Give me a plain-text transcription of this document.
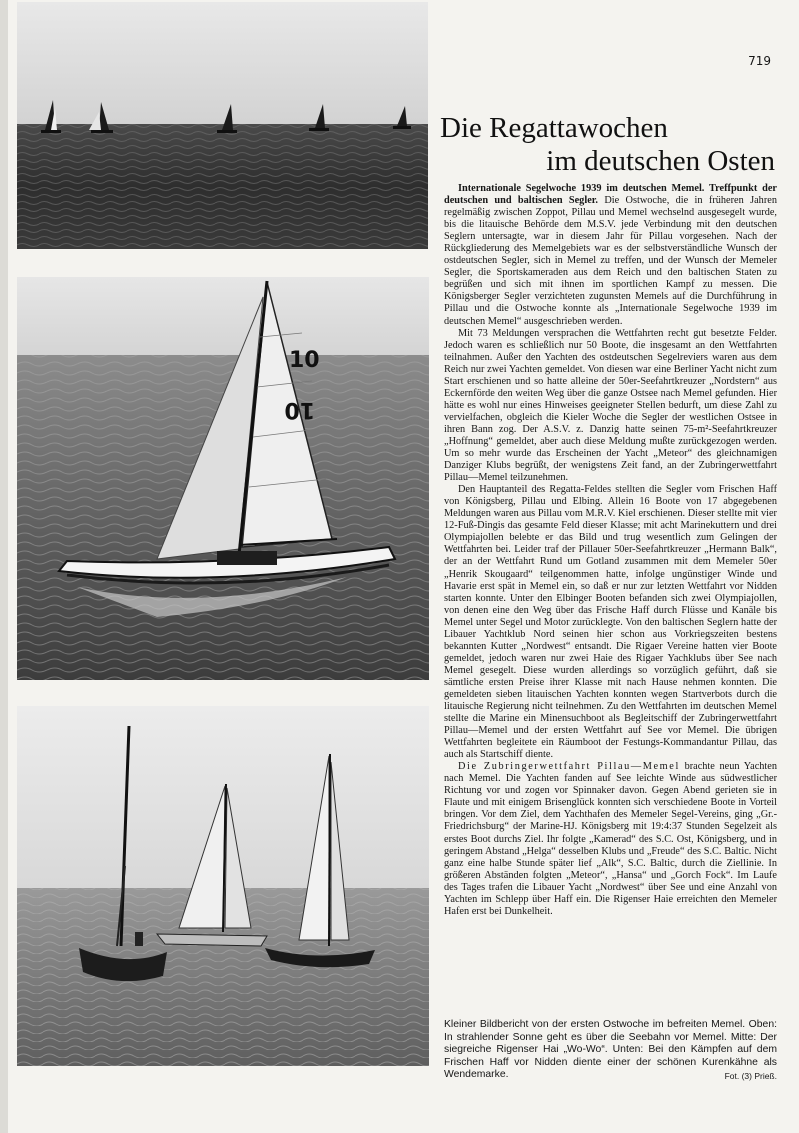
10
10
719
Die Regattawochen
im deutschen Osten

Internationale Segelwoche 1939 im deutschen Memel. Treffpunkt der deutschen und baltischen Segler. Die Ostwoche, die in früheren Jahren regelmäßig zwischen Zoppot, Pillau und Memel wechselnd ausgesegelt wurde, bis die litauische Behörde dem M.S.V. jede Verbindung mit den deutschen Seglern untersagte, war in diesem Jahr für Pillau vorgesehen. Nach der Rückgliederung des Memelgebiets war es der selbstverständliche Wunsch der ostdeutschen Segler, sich in Memel zu treffen, und der Wunsch der Memeler Segler, die Sportskameraden aus dem Reich und den baltischen Staten zu begrüßen und sich mit ihnen im sportlichen Kampf zu messen. Die Königsberger Segler verzichteten zugunsten Memels auf die Durchführung in Pillau und die Ostwoche konnte als „Internationale Segelwoche 1939 im deutschen Memel“ ausgeschrieben werden.

Mit 73 Meldungen versprachen die Wettfahrten recht gut besetzte Felder. Jedoch waren es schließlich nur 50 Boote, die insgesamt an den Wettfahrten teilnahmen. Außer den Yachten des ostdeutschen Segelreviers waren aus dem Reich nur zwei Yachten gemeldet. Von diesen war eine Berliner Yacht nicht zum Start erschienen und so hatte alleine der 50er-Seefahrtkreuzer „Nordstern“ aus Eckernförde den weiten Weg über die ganze Ostsee nach Memel gefunden. Hier hätte es wohl nur eines Hinweises geeigneter Stellen bedurft, um diese Zahl zu vervielfachen, obgleich die Kieler Woche die Segler der westlichen Ostsee in ihren Bann zog. Der A.S.V. z. Danzig hatte seinen 75-m²-Seefahrtkreuzer „Hoffnung“ gemeldet, aber auch diese Meldung mußte zurückgezogen werden. Um so mehr wurde das Erscheinen der Yacht „Meteor“ des gleichnamigen Danziger Klubs begrüßt, der wenigstens Zeit fand, an der Zubringerwettfahrt Pillau—Memel teilzunehmen.

Den Hauptanteil des Regatta-Feldes stellten die Segler vom Frischen Haff von Königsberg, Pillau und Elbing. Allein 16 Boote von 17 abgegebenen Meldungen waren aus Pillau vom M.R.V. Kiel erschienen. Dieser stellte mit vier 12-Fuß-Dingis das gesamte Feld dieser Klasse; mit acht Marinekuttern und drei Olympiajollen belebte er das Bild und trug wesentlich zum Gelingen der Wettfahrten bei. Leider traf der Pillauer 50er-Seefahrtkreuzer „Hermann Balk“, der an der Wettfahrt Rund um Gotland zusammen mit dem Memeler 50er „Henrik Skougaard“ teilgenommen hatte, infolge ungünstiger Winde und Havarie erst spät in Memel ein, so daß er nur zur letzten Wettfahrt vor Nidden starten konnte. Unter den Elbinger Booten befanden sich zwei Olympiajollen, von denen eine den Weg über das Frische Haff durch Flüsse und Kanäle bis Memel unter Segel und Motor zurücklegte. Von den baltischen Seglern hatte der Libauer Yachtklub Nord seinen hier schon aus Vorkriegszeiten bestens bekannten Kutter „Nordwest“ entsandt. Die Rigaer Vereine hatten vier Boote gemeldet, jedoch waren nur zwei Haie des Rigaer Yachklubs über See nach Memel gesegelt. Diese wurden allerdings so vorzüglich geführt, daß sie sämtliche ersten Preise ihrer Klasse mit nach Hause nehmen konnten. Die gemeldeten sieben litauischen Yachten konnten wegen Startverbots durch die litauische Regierung nicht teilnehmen. Zu den Wettfahrten im deutschen Memel stellte die Marine ein Minensuchboot als Begleitschiff der Zubringerwettfahrt Pillau—Memel und der ersten Wettfahrt auf See vor Memel. Die übrigen Wettfahrten begleitete ein Räumboot der Festungs-Kommandantur Pillau, das auch als Startschiff diente.

Die Zubringerwettfahrt Pillau—Memel brachte neun Yachten nach Memel. Die Yachten fanden auf See leichte Winde aus südwestlicher Richtung vor und zogen vor Spinnaker davon. Gegen Abend gerieten sie in Flaute und mit einigem Brisenglück konnten sich verschiedene Boote in Vorteil bringen. Vor dem Ziel, dem Yachthafen des Memeler Segel-Vereins, ging „Gr.-Friedrichsburg“ der Marine-HJ. Königsberg mit 19:4:37 Stunden Segelzeit als erstes Boot durchs Ziel. Ihr folgte „Kamerad“ des S.C. Ost, Königsberg, und in geringem Abstand „Helga“ desselben Klubs und „Freude“ des S.C. Baltic. Nicht ganz eine halbe Stunde später lief „Alk“, S.C. Baltic, durch die Ziellinie. In größeren Abständen folgten „Meteor“, „Hansa“ und „Gorch Fock“. Im Laufe des Tages trafen die Libauer Yacht „Nordwest“ über See und eine Anzahl von Yachten im Schlepp über Haff ein. Die Rigenser Haie erreichten den Memeler Hafen erst bei Dunkelheit.

Kleiner Bildbericht von der ersten Ostwoche im befreiten Memel. Oben: In strahlender Sonne geht es über die Seebahn vor Memel. Mitte: Der siegreiche Rigenser Hai „Wo-Wo“. Unten: Bei den Kämpfen auf dem Frischen Haff vor Nidden diente einer der schönen Kurenkähne als Wendemarke.	Fot. (3) Prieß.
